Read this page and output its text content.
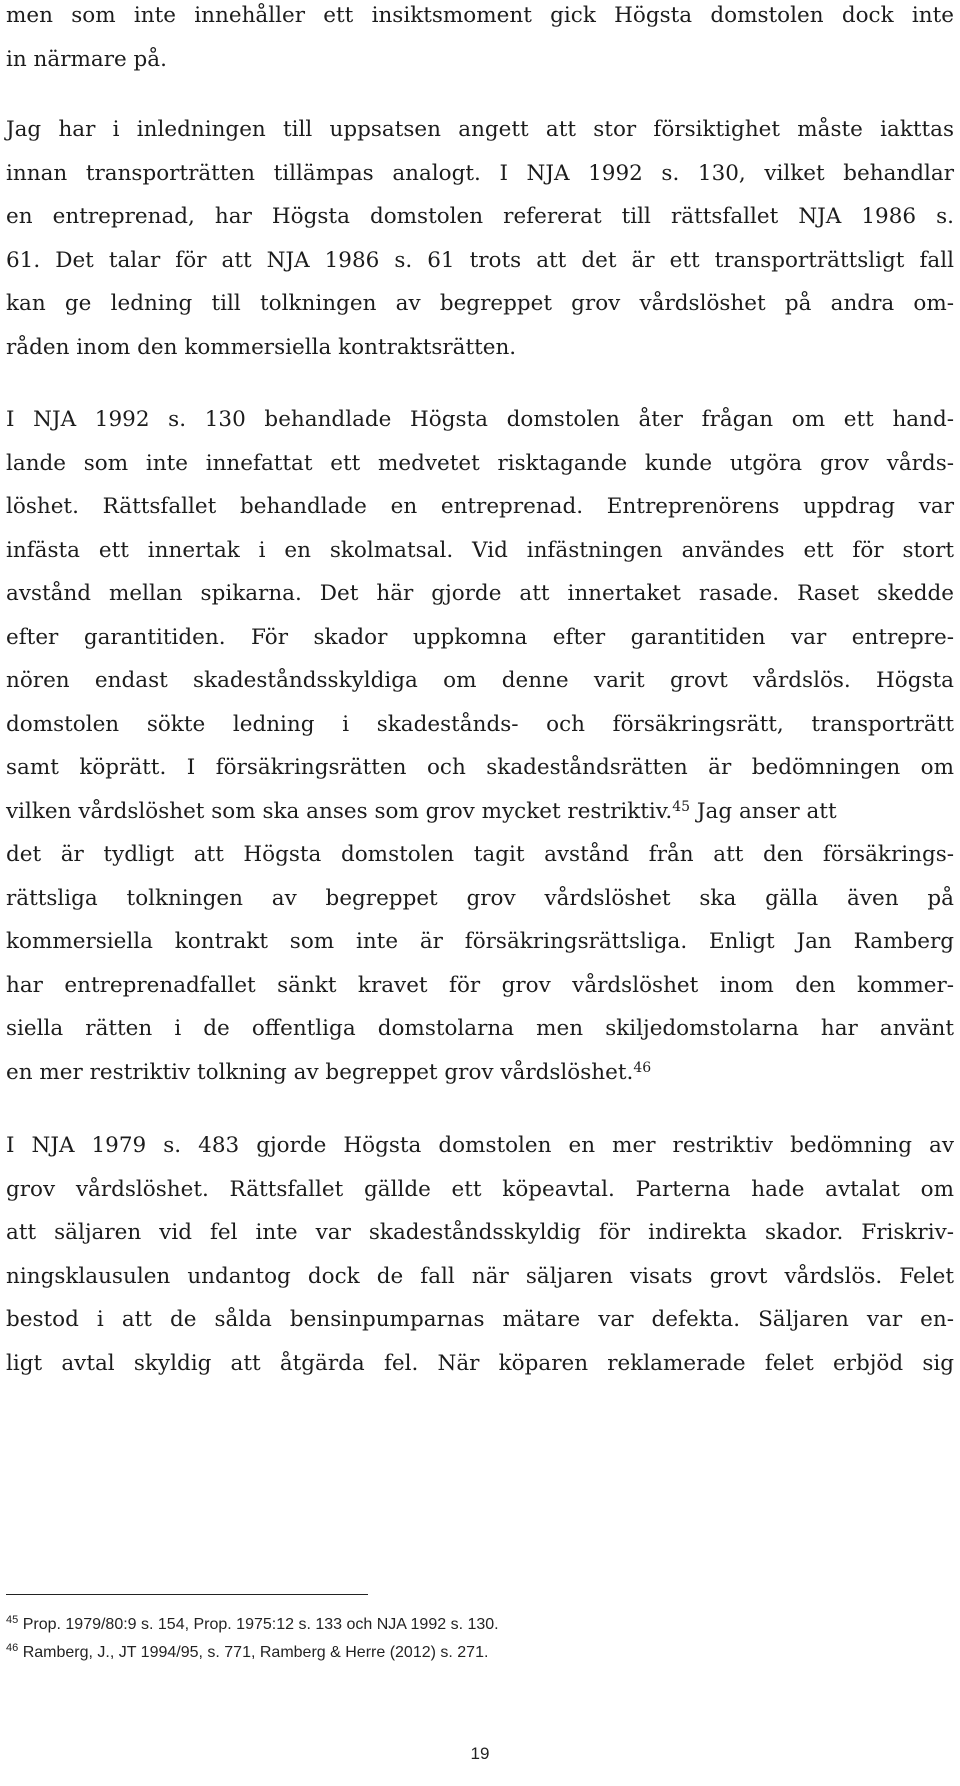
men som inte innehåller ett insiktsmoment gick Högsta domstolen dock inte
in närmare på.
Jag har i inledningen till uppsatsen angett att stor försiktighet måste iakttas
innan transporträtten tillämpas analogt. I NJA 1992 s. 130, vilket behandlar
en entreprenad, har Högsta domstolen refererat till rättsfallet NJA 1986 s.
61. Det talar för att NJA 1986 s. 61 trots att det är ett transporträttsligt fall
kan ge ledning till tolkningen av begreppet grov vårdslöshet på andra om-
råden inom den kommersiella kontraktsrätten.
I NJA 1992 s. 130 behandlade Högsta domstolen åter frågan om ett hand-
lande som inte innefattat ett medvetet risktagande kunde utgöra grov vårds-
löshet. Rättsfallet behandlade en entreprenad. Entreprenörens uppdrag var
infästa ett innertak i en skolmatsal. Vid infästningen användes ett för stort
avstånd mellan spikarna. Det här gjorde att innertaket rasade. Raset skedde
efter garantitiden. För skador uppkomna efter garantitiden var entrepre-
nören endast skadeståndsskyldiga om denne varit grovt vårdslös. Högsta
domstolen sökte ledning i skadestånds- och försäkringsrätt, transporträtt
samt köprätt. I försäkringsrätten och skadeståndsrätten är bedömningen om
vilken vårdslöshet som ska anses som grov mycket restriktiv.$^{45}$ Jag anser att
det är tydligt att Högsta domstolen tagit avstånd från att den försäkrings-
rättsliga tolkningen av begreppet grov vårdslöshet ska gälla även på
kommersiella kontrakt som inte är försäkringsrättsliga. Enligt Jan Ramberg
har entreprenadfallet sänkt kravet för grov vårdslöshet inom den kommer-
siella rätten i de offentliga domstolarna men skiljedomstolarna har använt
en mer restriktiv tolkning av begreppet grov vårdslöshet.$^{46}$
I NJA 1979 s. 483 gjorde Högsta domstolen en mer restriktiv bedömning av
grov vårdslöshet. Rättsfallet gällde ett köpeavtal. Parterna hade avtalat om
att säljaren vid fel inte var skadeståndsskyldig för indirekta skador. Friskriv-
ningsklausulen undantog dock de fall när säljaren visats grovt vårdslös. Felet
bestod i att de sålda bensinpumparnas mätare var defekta. Säljaren var en-
ligt avtal skyldig att åtgärda fel. När köparen reklamerade felet erbjöd sig
$^{45}$ Prop. 1979/80:9 s. 154, Prop. 1975:12 s. 133 och NJA 1992 s. 130.
$^{46}$ Ramberg, J., JT 1994/95, s. 771, Ramberg & Herre (2012) s. 271.
19
